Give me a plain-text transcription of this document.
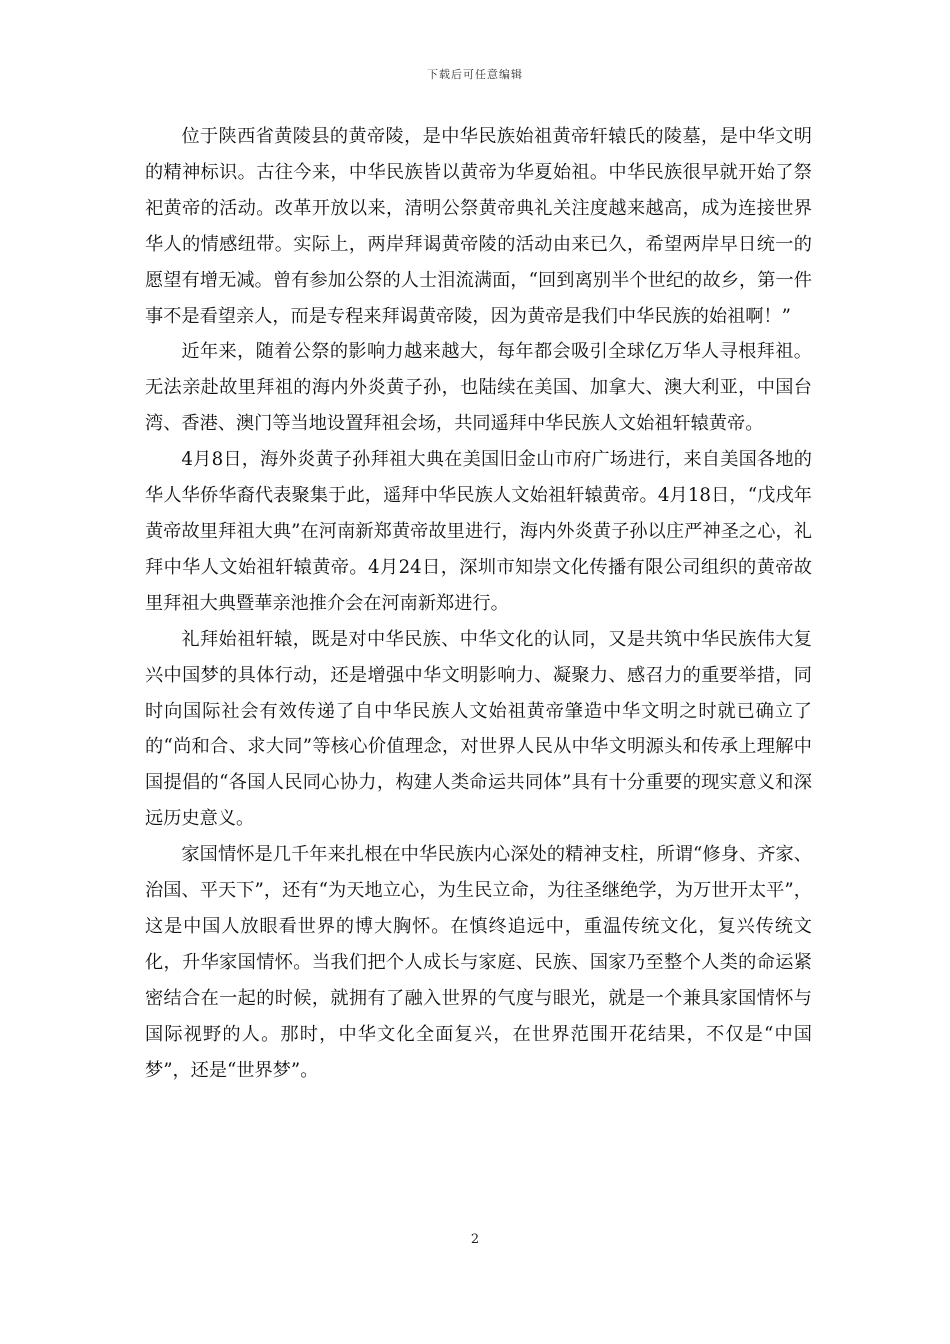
下载后可任意编辑

位于陕西省黄陵县的黄帝陵，是中华民族始祖黄帝轩辕氏的陵墓，是中华文明的精神标识。古往今来，中华民族皆以黄帝为华夏始祖。中华民族很早就开始了祭祀黄帝的活动。改革开放以来，清明公祭黄帝典礼关注度越来越高，成为连接世界华人的情感纽带。实际上，两岸拜谒黄帝陵的活动由来已久，希望两岸早日统一的愿望有增无减。曾有参加公祭的人士泪流满面，“回到离别半个世纪的故乡，第一件事不是看望亲人，而是专程来拜谒黄帝陵，因为黄帝是我们中华民族的始祖啊！”

近年来，随着公祭的影响力越来越大，每年都会吸引全球亿万华人寻根拜祖。无法亲赴故里拜祖的海内外炎黄子孙，也陆续在美国、加拿大、澳大利亚，中国台湾、香港、澳门等当地设置拜祖会场，共同遥拜中华民族人文始祖轩辕黄帝。

4月8日，海外炎黄子孙拜祖大典在美国旧金山市府广场进行，来自美国各地的华人华侨华裔代表聚集于此，遥拜中华民族人文始祖轩辕黄帝。4月18日，“戊戌年黄帝故里拜祖大典”在河南新郑黄帝故里进行，海内外炎黄子孙以庄严神圣之心，礼拜中华人文始祖轩辕黄帝。4月24日，深圳市知崇文化传播有限公司组织的黄帝故里拜祖大典暨華亲池推介会在河南新郑进行。

礼拜始祖轩辕，既是对中华民族、中华文化的认同，又是共筑中华民族伟大复兴中国梦的具体行动，还是增强中华文明影响力、凝聚力、感召力的重要举措，同时向国际社会有效传递了自中华民族人文始祖黄帝肇造中华文明之时就已确立了的“尚和合、求大同”等核心价值理念，对世界人民从中华文明源头和传承上理解中国提倡的“各国人民同心协力，构建人类命运共同体”具有十分重要的现实意义和深远历史意义。

家国情怀是几千年来扎根在中华民族内心深处的精神支柱，所谓“修身、齐家、治国、平天下”，还有“为天地立心，为生民立命，为往圣继绝学，为万世开太平”，这是中国人放眼看世界的博大胸怀。在慎终追远中，重温传统文化，复兴传统文化，升华家国情怀。当我们把个人成长与家庭、民族、国家乃至整个人类的命运紧密结合在一起的时候，就拥有了融入世界的气度与眼光，就是一个兼具家国情怀与国际视野的人。那时，中华文化全面复兴，在世界范围开花结果，不仅是“中国梦”，还是“世界梦”。

2
